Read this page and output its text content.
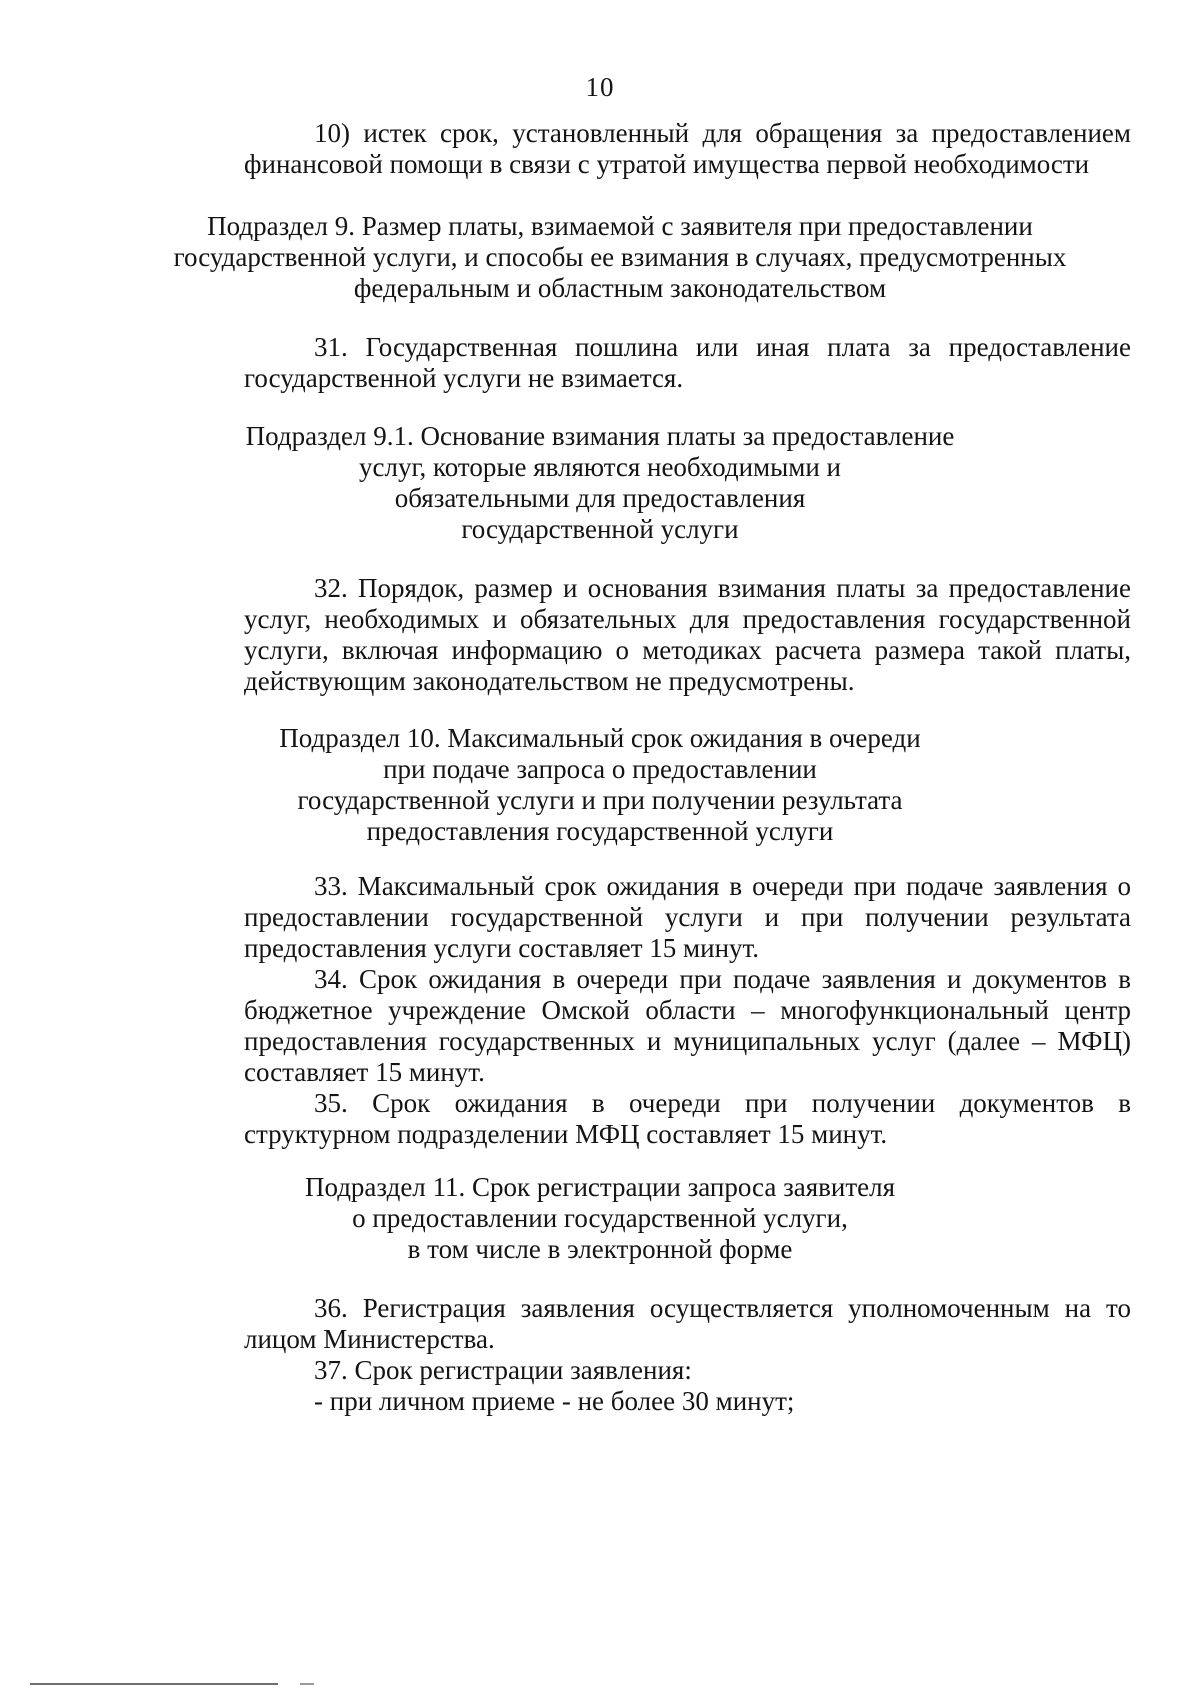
10
10) истек срок, установленный для обращения за предоставлением
финансовой помощи в связи с утратой имущества первой необходимости
Подраздел 9. Размер платы, взимаемой с заявителя при предоставлении
государственной услуги, и способы ее взимания в случаях, предусмотренных
федеральным и областным законодательством
31. Государственная пошлина или иная плата за предоставление
государственной услуги не взимается.
Подраздел 9.1. Основание взимания платы за предоставление
услуг, которые являются необходимыми и
обязательными для предоставления
государственной услуги
32. Порядок, размер и основания взимания платы за предоставление
услуг, необходимых и обязательных для предоставления государственной
услуги, включая информацию о методиках расчета размера такой платы,
действующим законодательством не предусмотрены.
Подраздел 10. Максимальный срок ожидания в очереди
при подаче запроса о предоставлении
государственной услуги и при получении результата
предоставления государственной услуги
33. Максимальный срок ожидания в очереди при подаче заявления о
предоставлении государственной услуги и при получении результата
предоставления услуги составляет 15 минут.
34. Срок ожидания в очереди при подаче заявления и документов в
бюджетное учреждение Омской области – многофункциональный центр
предоставления государственных и муниципальных услуг (далее – МФЦ)
составляет 15 минут.
35. Срок ожидания в очереди при получении документов в
структурном подразделении МФЦ составляет 15 минут.
Подраздел 11. Срок регистрации запроса заявителя
о предоставлении государственной услуги,
в том числе в электронной форме
36. Регистрация заявления осуществляется уполномоченным на то
лицом Министерства.
37. Срок регистрации заявления:
- при личном приеме - не более 30 минут;
